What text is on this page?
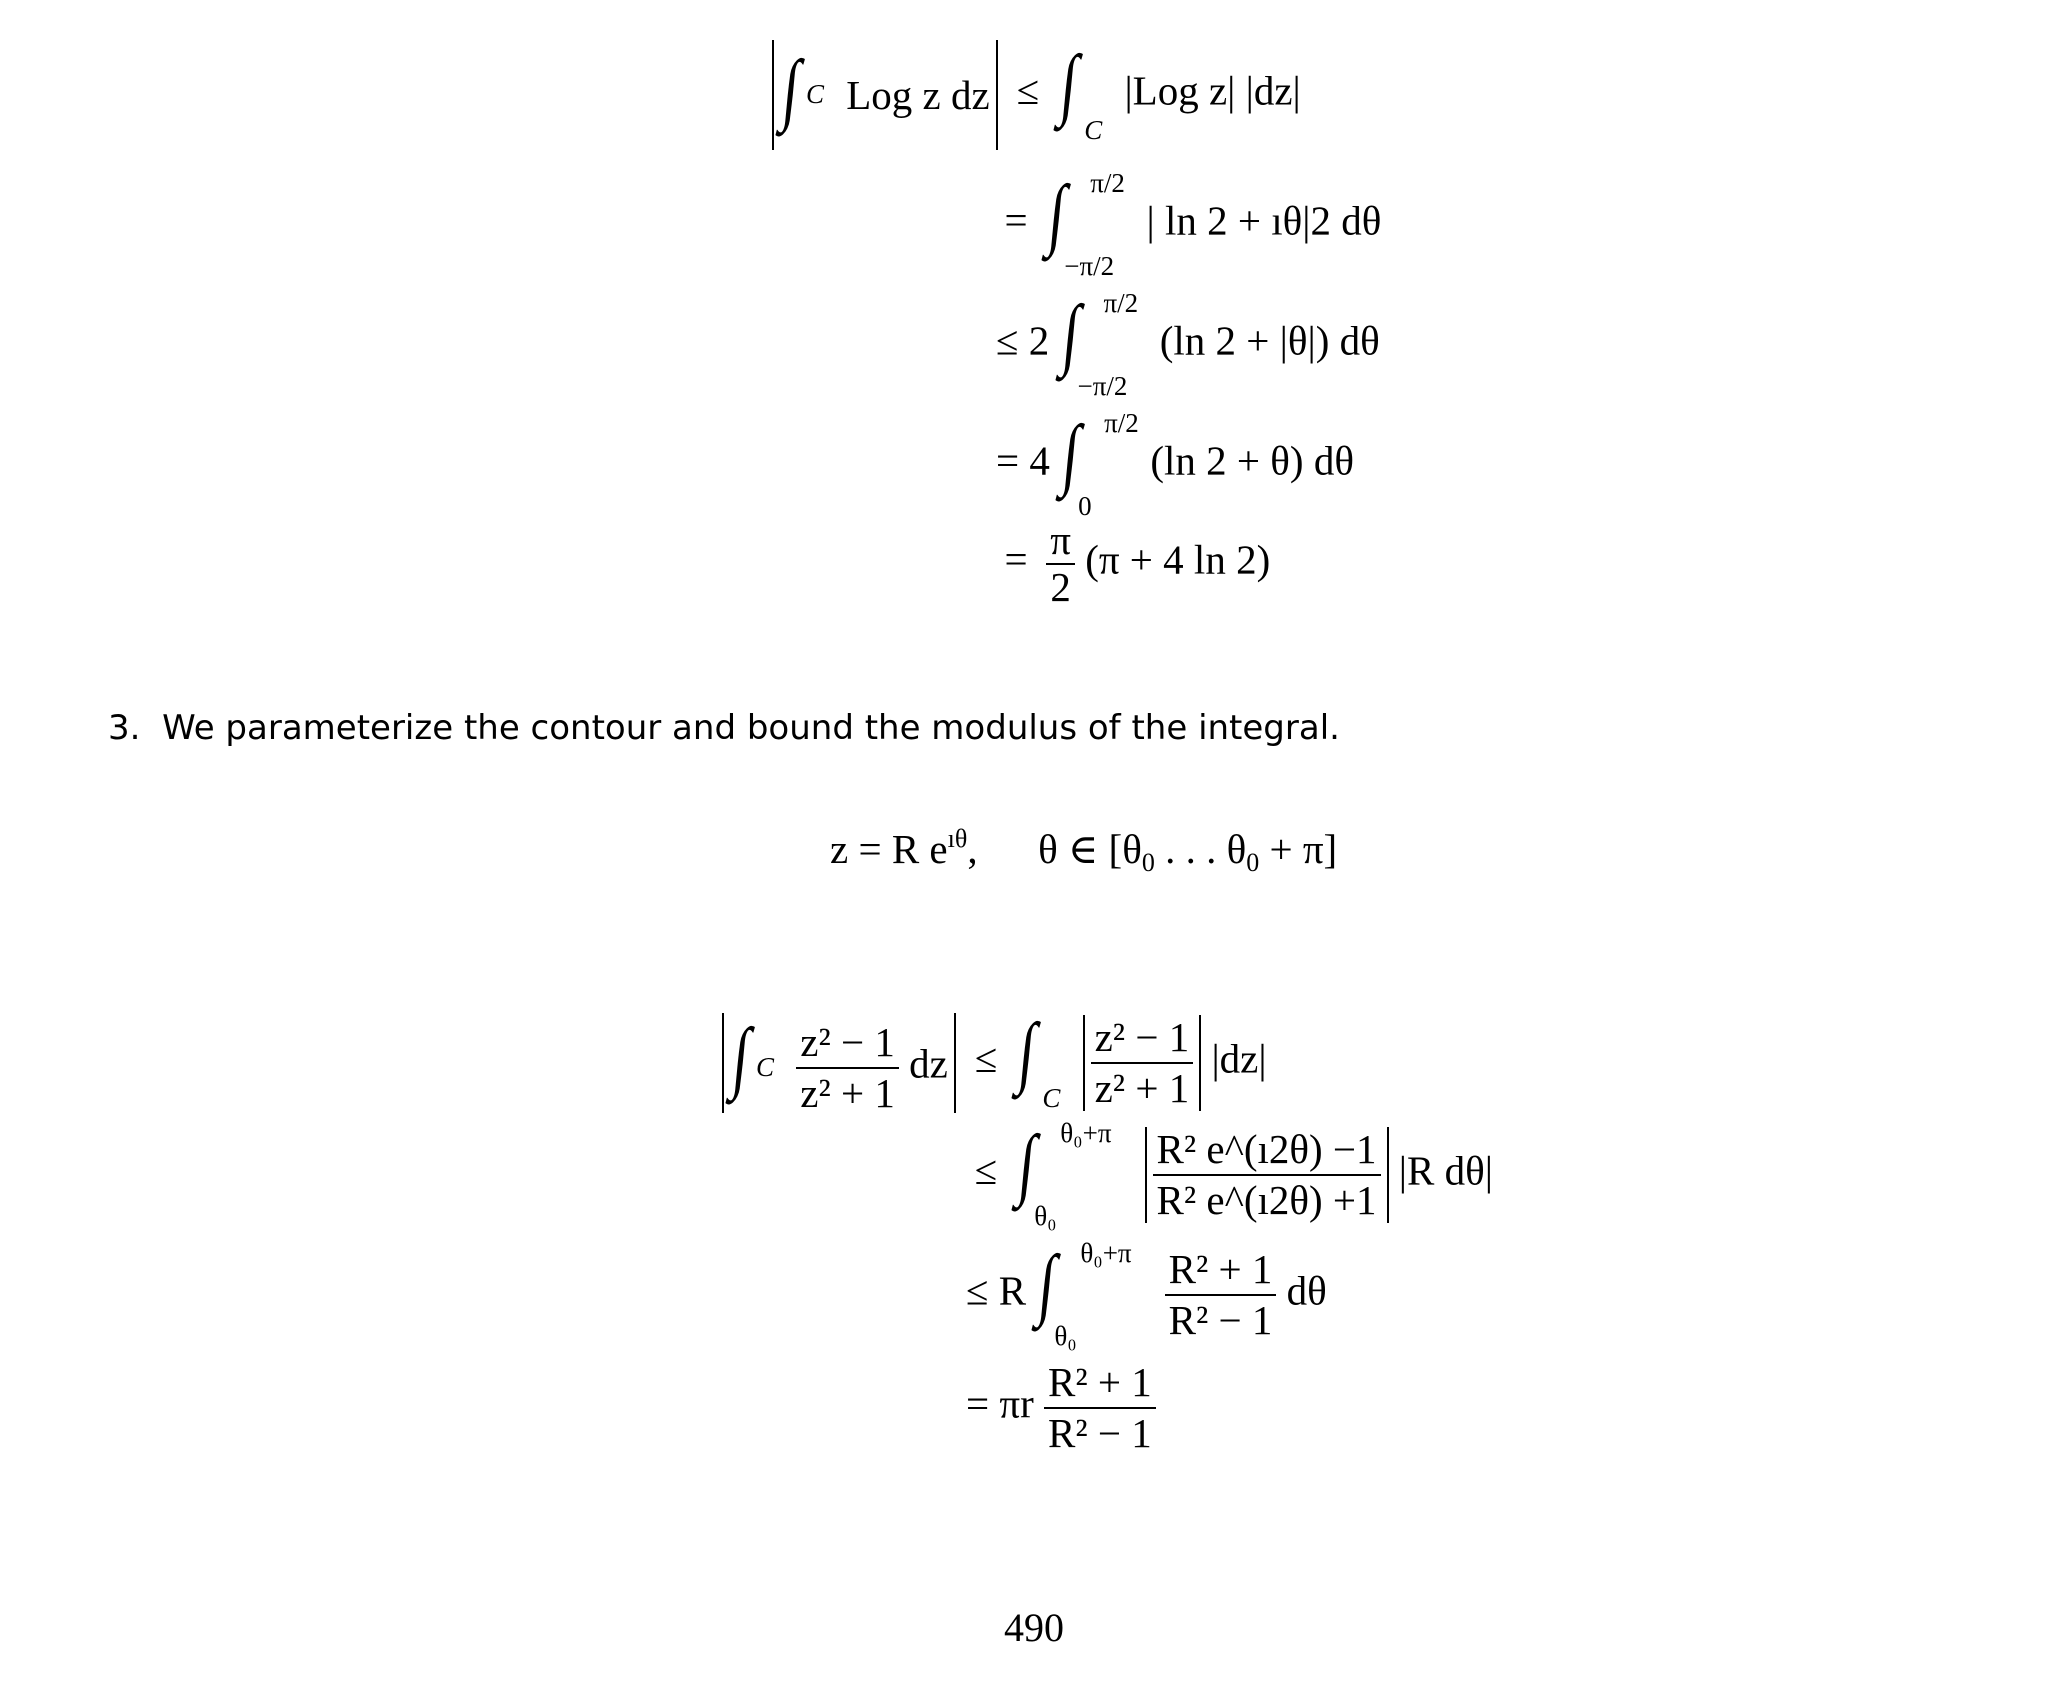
∫ C Log z dz ≤ ∫
C
|Log z| |dz|
= ∫ π/2
−π/2
| ln 2 + ıθ|2 dθ
≤ 2 ∫ π/2
−π/2
(ln 2 + |θ|) dθ
= 4 ∫ π/2
0
(ln 2 + θ) dθ
= $\frac{\pi}{2} (\pi + 4$ ln 2)
3. We parameterize the contour and bound the modulus of the integral.
z = R $e^{ı\theta}$, θ ∈ [$\theta_0$ . . . $\theta_0 + \pi$]
∫ C
$\frac{\text{z² − 1}}{\text{z² + 1}}$ dz ≤ ∫
C
$\frac{\text{z² − 1}}{\text{z² + 1}} |dz|$
≤ ∫ θ₀+π
θ₀
$\frac{\text{R² e\textasciicircum{}(ı2θ) −1}}{\text{R² e\textasciicircum{}(ı2θ) +1}} |R$ dθ|
≤ R ∫ θ₀+π
θ₀
$\frac{\text{R² + 1}}{\text{R² − 1}}$ dθ
= πr $\frac{\text{R² + 1}}{\text{R² − 1}}$
490
